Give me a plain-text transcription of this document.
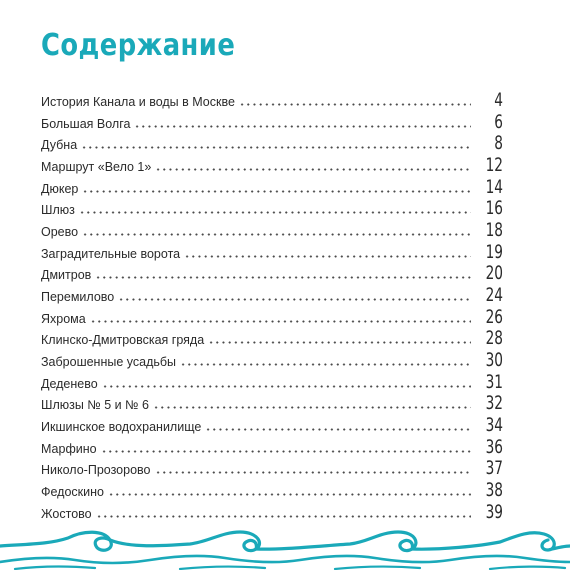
Содержание
История Канала и воды в Москве	4
Большая Волга	6
Дубна	8
Маршрут «Вело 1»	12
Дюкер	14
Шлюз	16
Орево	18
Заградительные ворота	19
Дмитров	20
Перемилово	24
Яхрома	26
Клинско-Дмитровская гряда	28
Заброшенные усадьбы	30
Деденево	31
Шлюзы № 5 и № 6	32
Икшинское водохранилище	34
Марфино	36
Николо-Прозорово	37
Федоскино	38
Жостово	39
